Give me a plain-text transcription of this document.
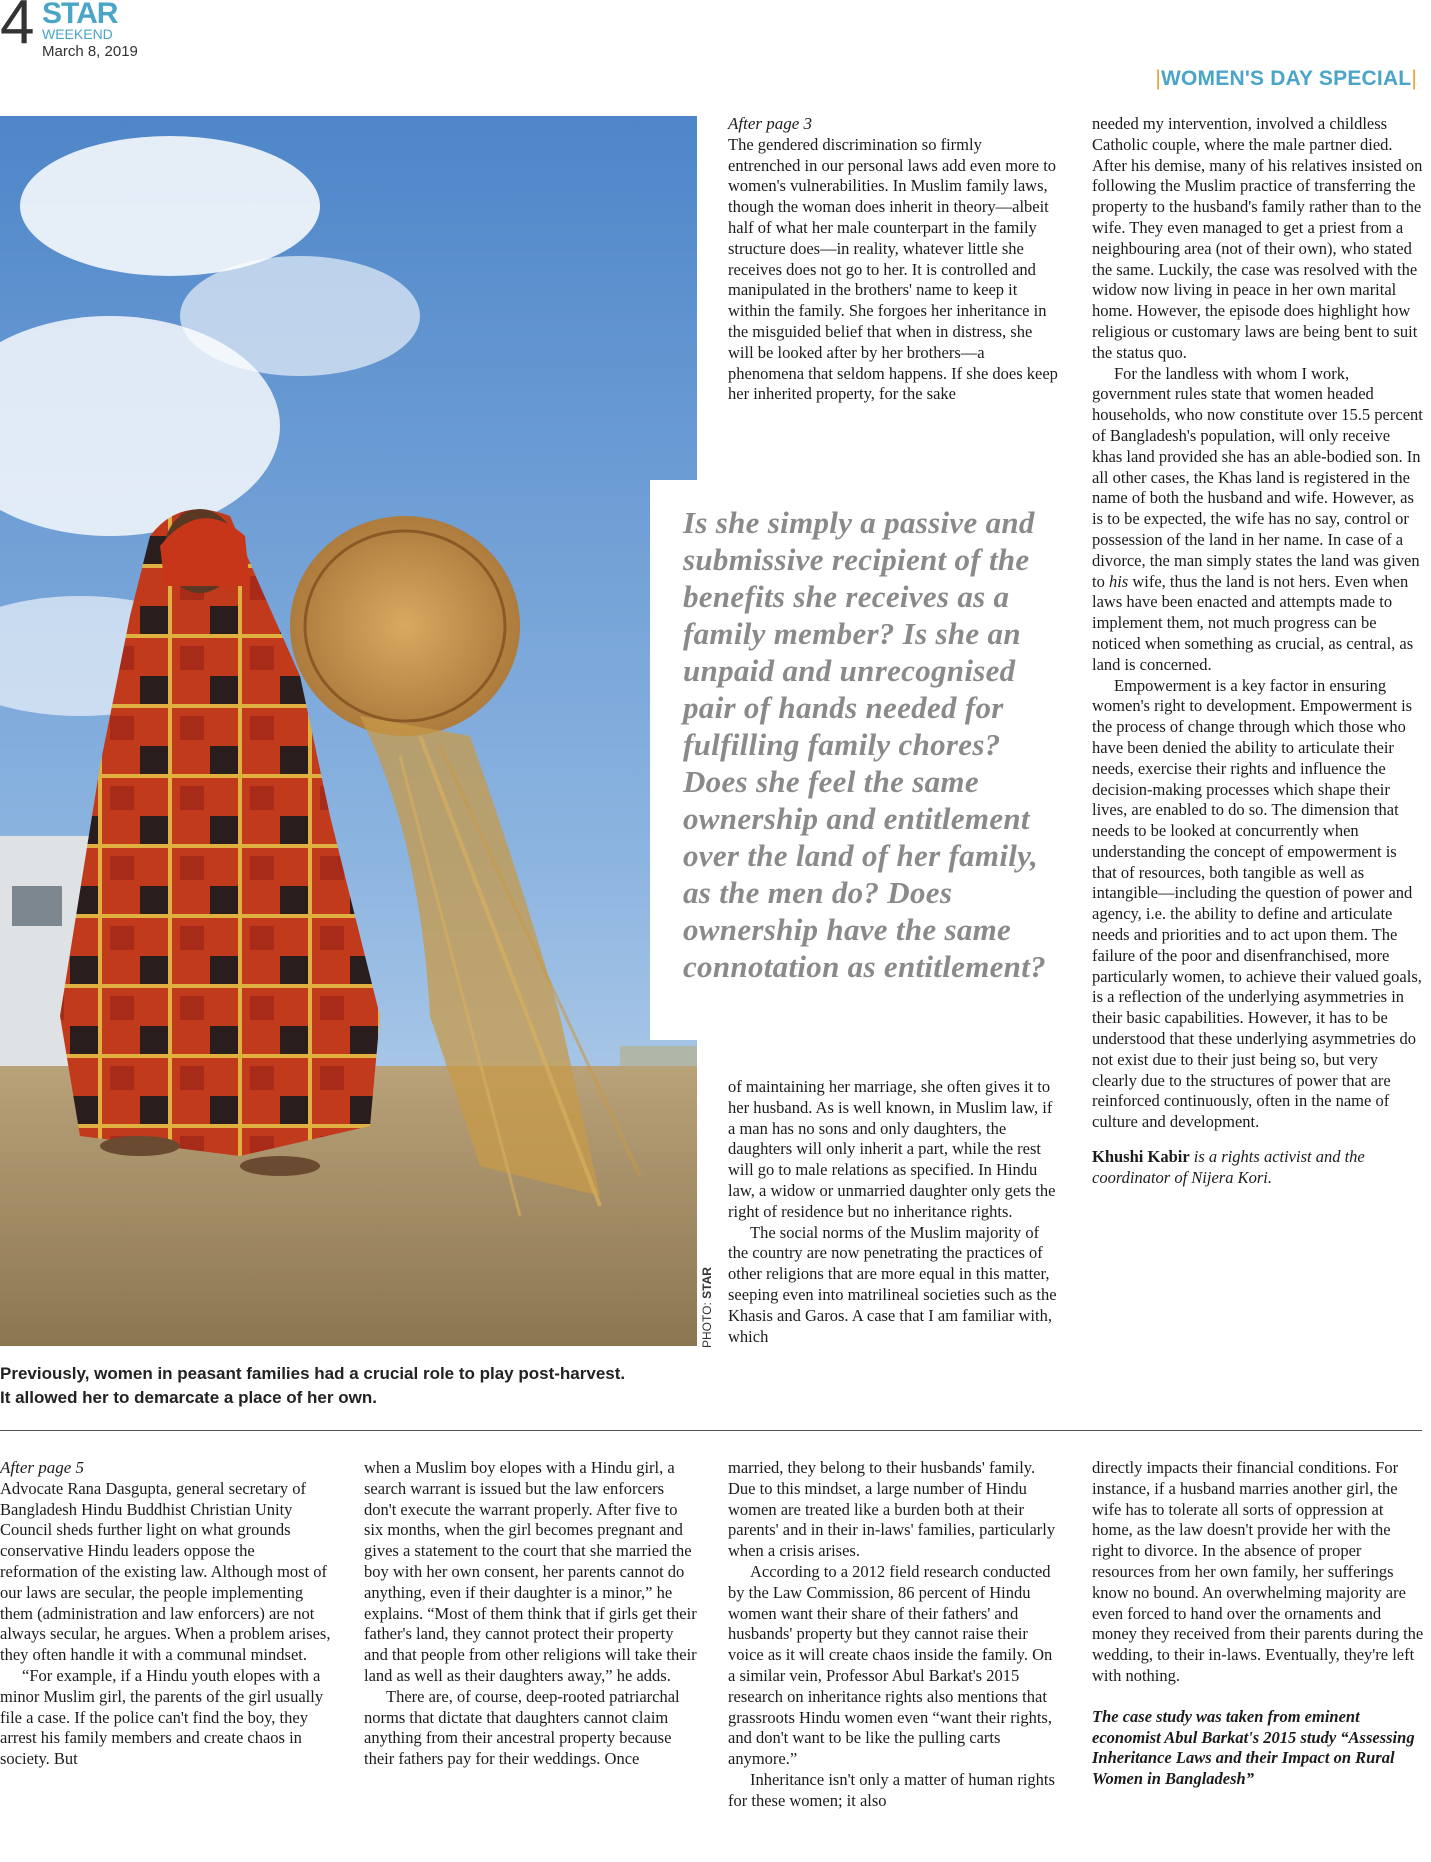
4 STAR
WEEKEND
March 8, 2019
|WOMEN'S DAY SPECIAL|
PHOTO: STAR
Previously, women in peasant families had a crucial role to play post-harvest.
It allowed her to demarcate a place of her own.

After page 3

The gendered discrimination so firmly entrenched in our personal laws add even more to women's vulnerabilities. In Muslim family laws, though the woman does inherit in theory—albeit half of what her male counterpart in the family structure does—in reality, whatever little she receives does not go to her. It is controlled and manipulated in the brothers' name to keep it within the family. She forgoes her inheritance in the misguided belief that when in distress, she will be looked after by her brothers—a phenomena that seldom happens. If she does keep her inherited property, for the sake

Is she simply a passive and submissive recipient of the benefits she receives as a family member? Is she an unpaid and unrecognised pair of hands needed for fulfilling family chores? Does she feel the same ownership and entitlement over the land of her family, as the men do? Does ownership have the same connotation as entitlement?

of maintaining her marriage, she often gives it to her husband. As is well known, in Muslim law, if a man has no sons and only daughters, the daughters will only inherit a part, while the rest will go to male relations as specified. In Hindu law, a widow or unmarried daughter only gets the right of residence but no inheritance rights.

The social norms of the Muslim majority of the country are now penetrating the practices of other religions that are more equal in this matter, seeping even into matrilineal societies such as the Khasis and Garos. A case that I am familiar with, which

needed my intervention, involved a childless Catholic couple, where the male partner died. After his demise, many of his relatives insisted on following the Muslim practice of transferring the property to the husband's family rather than to the wife. They even managed to get a priest from a neighbouring area (not of their own), who stated the same. Luckily, the case was resolved with the widow now living in peace in her own marital home. However, the episode does highlight how religious or customary laws are being bent to suit the status quo.

For the landless with whom I work, government rules state that women headed households, who now constitute over 15.5 percent of Bangladesh's population, will only receive khas land provided she has an able-bodied son. In all other cases, the Khas land is registered in the name of both the husband and wife. However, as is to be expected, the wife has no say, control or possession of the land in her name. In case of a divorce, the man simply states the land was given to his wife, thus the land is not hers. Even when laws have been enacted and attempts made to implement them, not much progress can be noticed when something as crucial, as central, as land is concerned.

Empowerment is a key factor in ensuring women's right to development. Empowerment is the process of change through which those who have been denied the ability to articulate their needs, exercise their rights and influence the decision-making processes which shape their lives, are enabled to do so. The dimension that needs to be looked at concurrently when understanding the concept of empowerment is that of resources, both tangible as well as intangible—including the question of power and agency, i.e. the ability to define and articulate needs and priorities and to act upon them. The failure of the poor and disenfranchised, more particularly women, to achieve their valued goals, is a reflection of the underlying asymmetries in their basic capabilities. However, it has to be understood that these underlying asymmetries do not exist due to their just being so, but very clearly due to the structures of power that are reinforced continuously, often in the name of culture and development.

Khushi Kabir is a rights activist and the coordinator of Nijera Kori.

After page 5

Advocate Rana Dasgupta, general secretary of Bangladesh Hindu Buddhist Christian Unity Council sheds further light on what grounds conservative Hindu leaders oppose the reformation of the existing law. Although most of our laws are secular, the people implementing them (administration and law enforcers) are not always secular, he argues. When a problem arises, they often handle it with a communal mindset.

“For example, if a Hindu youth elopes with a minor Muslim girl, the parents of the girl usually file a case. If the police can't find the boy, they arrest his family members and create chaos in society. But

when a Muslim boy elopes with a Hindu girl, a search warrant is issued but the law enforcers don't execute the warrant properly. After five to six months, when the girl becomes pregnant and gives a statement to the court that she married the boy with her own consent, her parents cannot do anything, even if their daughter is a minor,” he explains. “Most of them think that if girls get their father's land, they cannot protect their property and that people from other religions will take their land as well as their daughters away,” he adds.

There are, of course, deep-rooted patriarchal norms that dictate that daughters cannot claim anything from their ancestral property because their fathers pay for their weddings. Once

married, they belong to their husbands' family. Due to this mindset, a large number of Hindu women are treated like a burden both at their parents' and in their in-laws' families, particularly when a crisis arises.

According to a 2012 field research conducted by the Law Commission, 86 percent of Hindu women want their share of their fathers' and husbands' property but they cannot raise their voice as it will create chaos inside the family. On a similar vein, Professor Abul Barkat's 2015 research on inheritance rights also mentions that grassroots Hindu women even “want their rights, and don't want to be like the pulling carts anymore.”

Inheritance isn't only a matter of human rights for these women; it also

directly impacts their financial conditions. For instance, if a husband marries another girl, the wife has to tolerate all sorts of oppression at home, as the law doesn't provide her with the right to divorce. In the absence of proper resources from her own family, her sufferings know no bound. An overwhelming majority are even forced to hand over the ornaments and money they received from their parents during the wedding, to their in-laws. Eventually, they're left with nothing.

The case study was taken from eminent economist Abul Barkat's 2015 study “Assessing Inheritance Laws and their Impact on Rural Women in Bangladesh”
